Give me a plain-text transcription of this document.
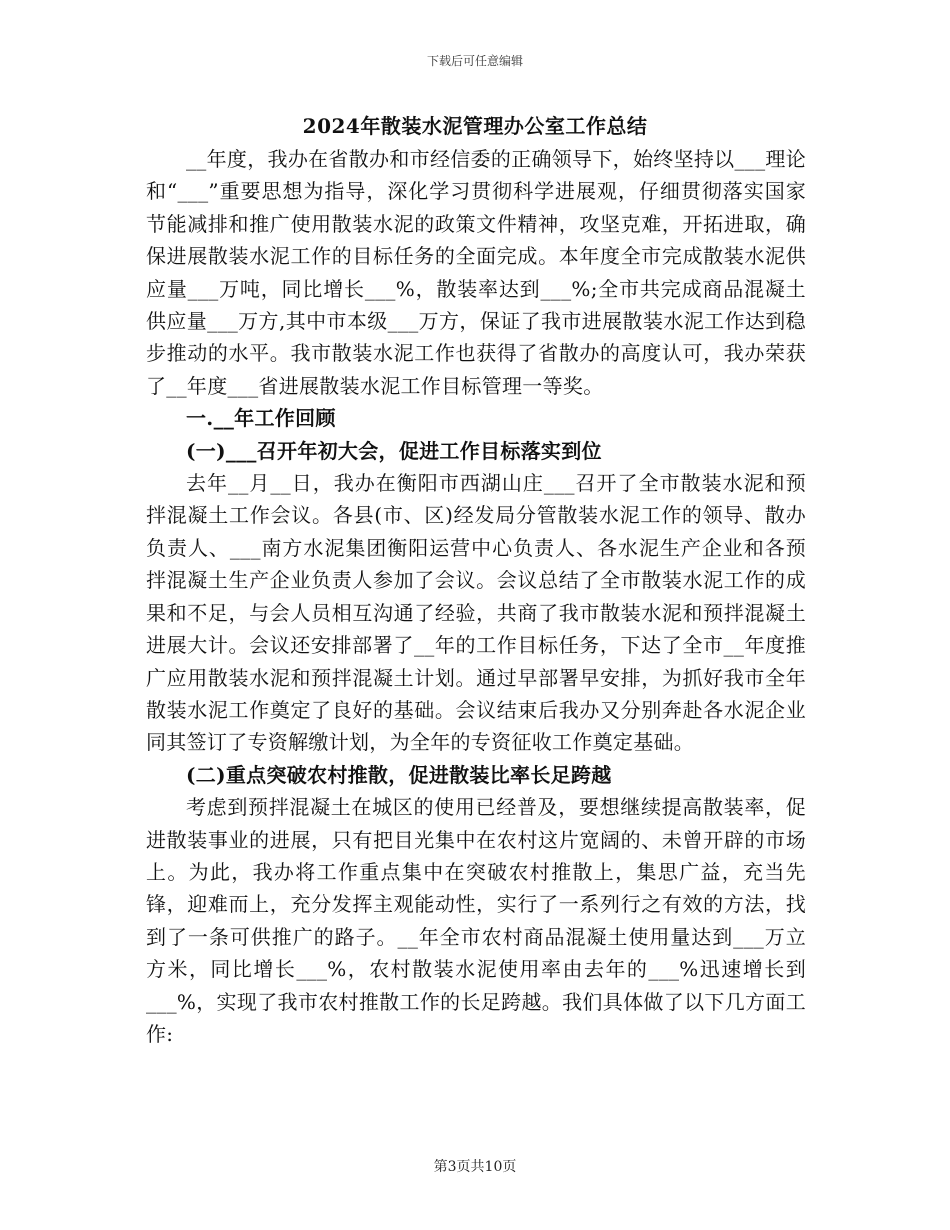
下载后可任意编辑
2024年散装水泥管理办公室工作总结

__年度，我办在省散办和市经信委的正确领导下，始终坚持以___理论和“___”重要思想为指导，深化学习贯彻科学进展观，仔细贯彻落实国家节能减排和推广使用散装水泥的政策文件精神，攻坚克难，开拓进取，确保进展散装水泥工作的目标任务的全面完成。本年度全市完成散装水泥供应量___万吨，同比增长___%，散装率达到___%;全市共完成商品混凝土供应量___万方,其中市本级___万方，保证了我市进展散装水泥工作达到稳步推动的水平。我市散装水泥工作也获得了省散办的高度认可，我办荣获了__年度___省进展散装水泥工作目标管理一等奖。

一.__年工作回顾

(一)___召开年初大会，促进工作目标落实到位

去年__月__日，我办在衡阳市西湖山庄___召开了全市散装水泥和预拌混凝土工作会议。各县(市、区)经发局分管散装水泥工作的领导、散办负责人、___南方水泥集团衡阳运营中心负责人、各水泥生产企业和各预拌混凝土生产企业负责人参加了会议。会议总结了全市散装水泥工作的成果和不足，与会人员相互沟通了经验，共商了我市散装水泥和预拌混凝土进展大计。会议还安排部署了__年的工作目标任务，下达了全市__年度推广应用散装水泥和预拌混凝土计划。通过早部署早安排，为抓好我市全年散装水泥工作奠定了良好的基础。会议结束后我办又分别奔赴各水泥企业同其签订了专资解缴计划，为全年的专资征收工作奠定基础。

(二)重点突破农村推散，促进散装比率长足跨越

考虑到预拌混凝土在城区的使用已经普及，要想继续提高散装率，促进散装事业的进展，只有把目光集中在农村这片宽阔的、未曾开辟的市场上。为此，我办将工作重点集中在突破农村推散上，集思广益，充当先锋，迎难而上，充分发挥主观能动性，实行了一系列行之有效的方法，找到了一条可供推广的路子。__年全市农村商品混凝土使用量达到___万立方米，同比增长___%，农村散装水泥使用率由去年的___%迅速增长到___%，实现了我市农村推散工作的长足跨越。我们具体做了以下几方面工作:

第3页共10页
